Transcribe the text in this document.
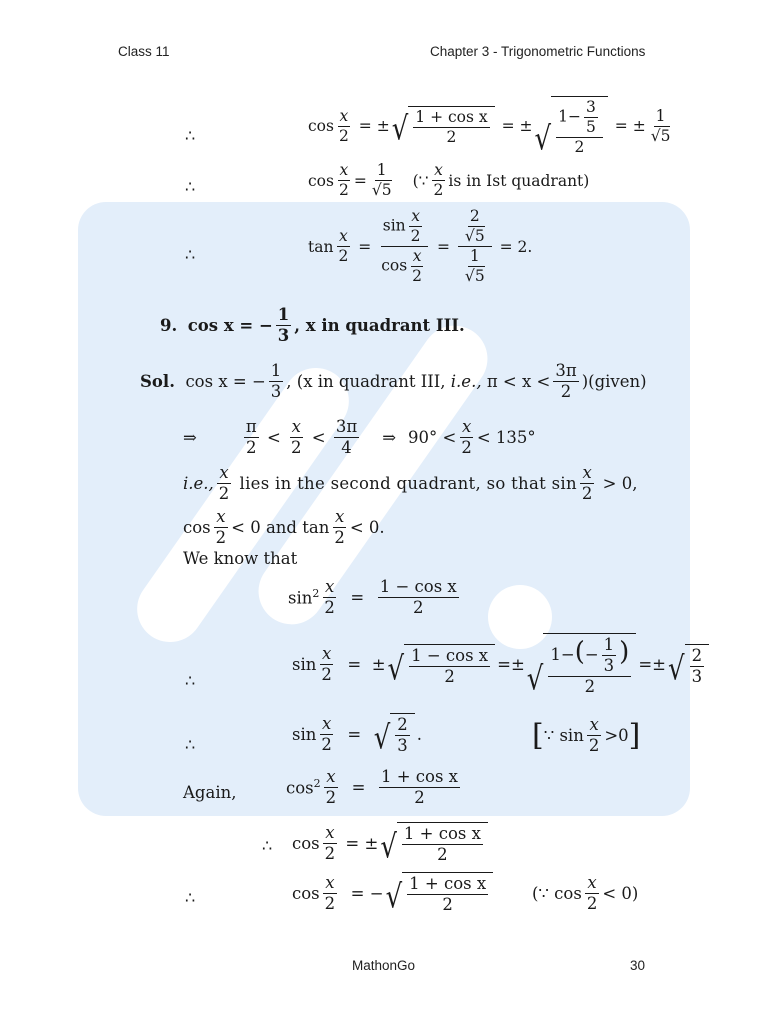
Class 11	Chapter 3 - Trigonometric Functions
∴	cos
x
2

=
± √ 1 + cos x
2

=
± √
$1- \frac{3}{5}$
2

=
± $\frac{1}{√5}$
∴	$\cos \frac{x}{2} = \frac{1}{√5}$ (∵
x
2
is in Ist quadrant)
∴	tan
x
2

=

$\sin \frac{x}{2}$
$\cos \frac{x}{2}$

=

$\frac{2}{√5}$
$\frac{1}{√5}$

= 2.
9.
cos x = − $\frac{1}{3}$ , x in quadrant III.
Sol.
cos x = − $\frac{1}{3}$ , (x in quadrant III,
i.e.,
π < x <
3π
2
)(given)
⇒
π
2

<

x
2

<

3π
4
⇒ 90° <
x
2
< 135°
i.e.,
x
2

lies in the second quadrant, so that sin
x
2

> 0,
cos
x
2
< 0 and tan
x
2
< 0.
We know that
$\sin^2 x$
2

=

1 − cos x
2
∴
sin
x
2

=
± √ 1 − cos x
2
= ± √
$1-(- \frac{1}{3}$ )
2
= ± √ 2
3
∴
sin
x
2

=
√ 2
3
.	[ ∵
sin
x
2
> 0 ]
Again,	$\cos^2 x$
2

=

1 + cos x
2
∴ cos
x
2

=
± √ 1 + cos x
2
∴	cos
x
2

=
− √ 1 + cos x
2
(∵ cos
x
2
< 0)
MathonGo	30
